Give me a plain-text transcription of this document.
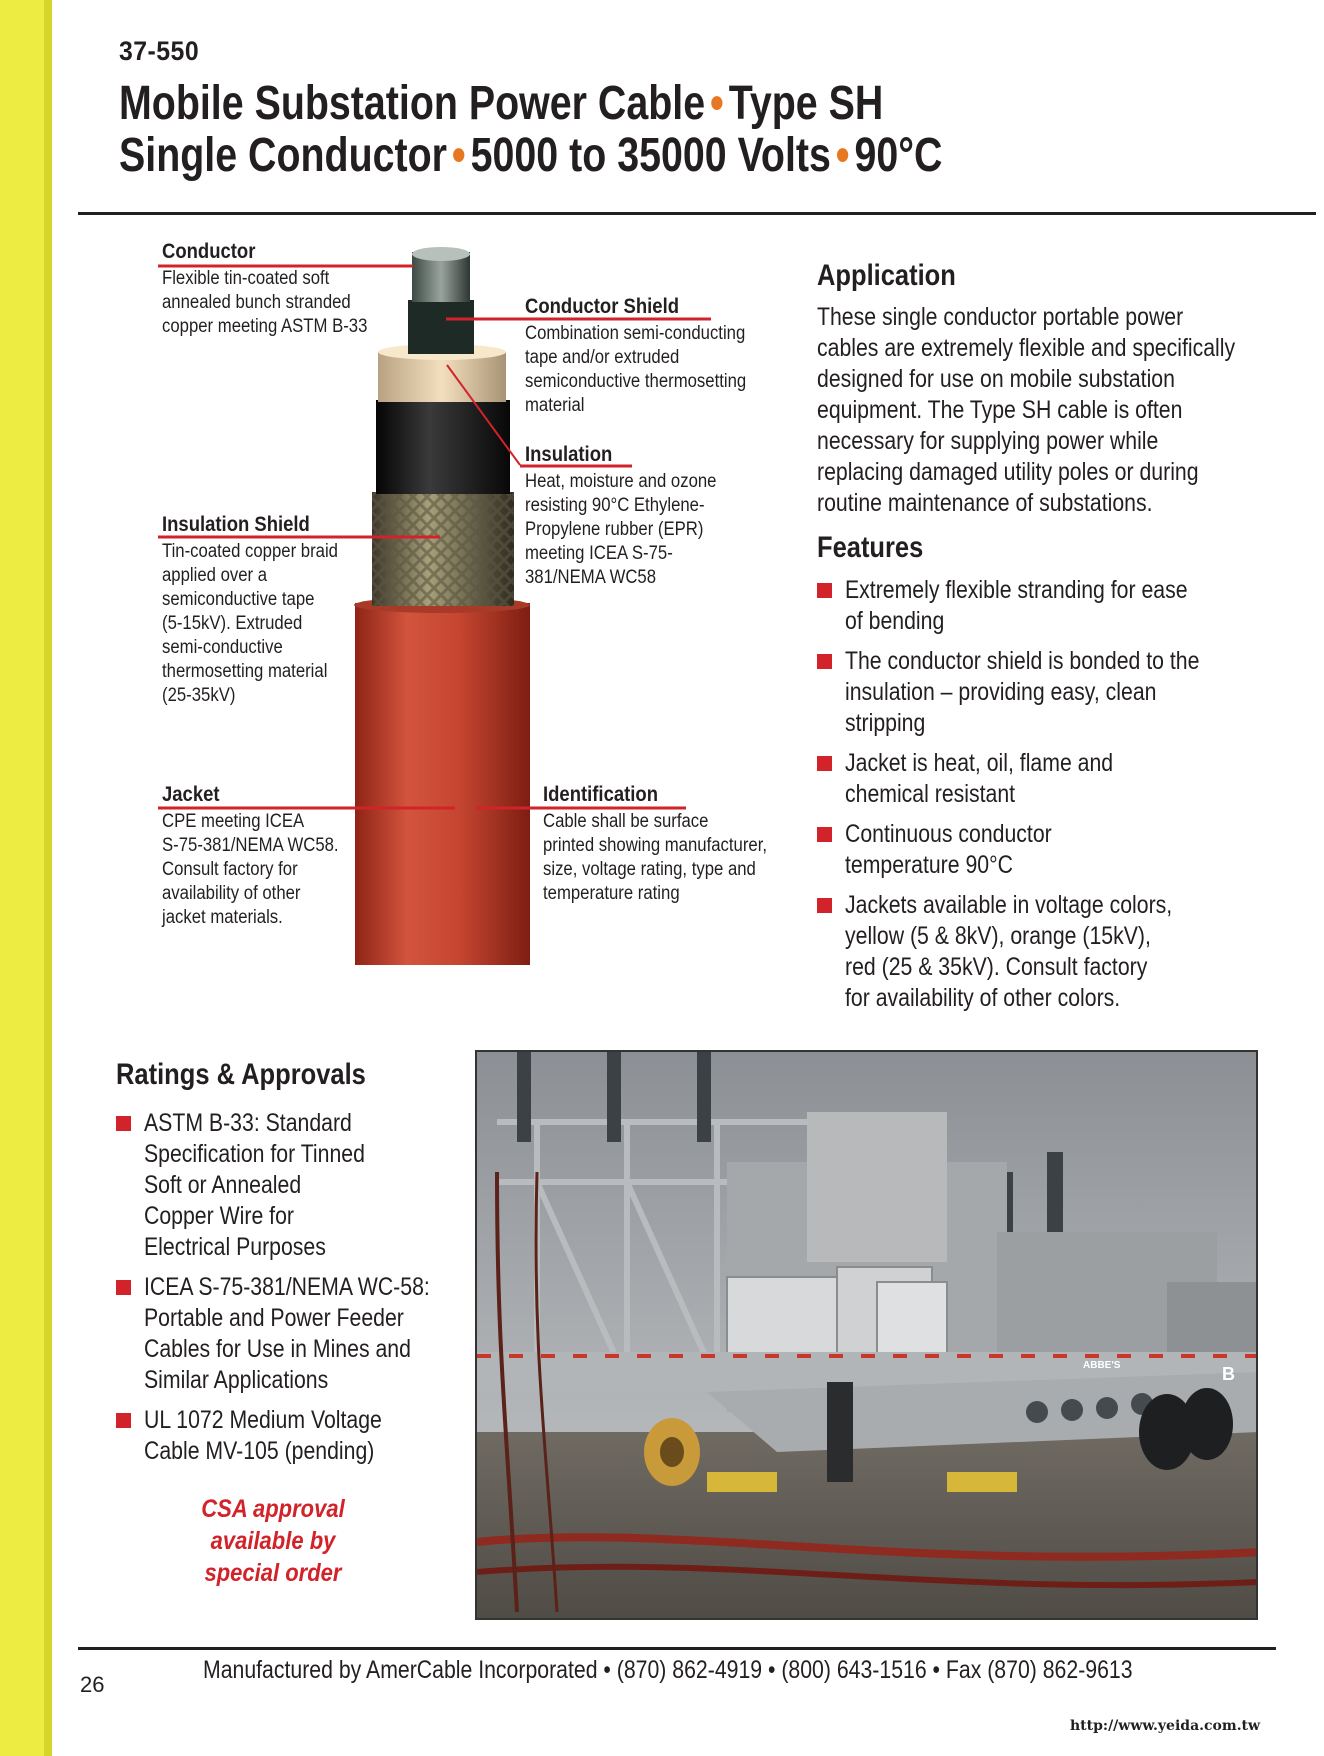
37-550
Mobile Substation Power Cable • Type SH
Single Conductor • 5000 to 35000 Volts • 90°C
Conductor
Flexible tin-coated soft
annealed bunch stranded
copper meeting ASTM B-33
Conductor Shield
Combination semi-conducting
tape and/or extruded
semiconductive thermosetting
material
Insulation
Heat, moisture and ozone
resisting 90°C Ethylene-
Propylene rubber (EPR)
meeting ICEA S-75-
381/NEMA WC58
Insulation Shield
Tin-coated copper braid
applied over a
semiconductive tape
(5-15kV). Extruded
semi-conductive
thermosetting material
(25-35kV)
Jacket
CPE meeting ICEA
S-75-381/NEMA WC58.
Consult factory for
availability of other
jacket materials.
Identification
Cable shall be surface
printed showing manufacturer,
size, voltage rating, type and
temperature rating
Application
These single conductor portable power
cables are extremely flexible and specifically
designed for use on mobile substation
equipment. The Type SH cable is often
necessary for supplying power while
replacing damaged utility poles or during
routine maintenance of substations.
Features
Extremely flexible stranding for ease
of bending
The conductor shield is bonded to the
insulation – providing easy, clean
stripping
Jacket is heat, oil, flame and
chemical resistant
Continuous conductor
temperature 90°C
Jackets available in voltage colors,
yellow (5 & 8kV), orange (15kV),
red (25 & 35kV). Consult factory
for availability of other colors.
Ratings & Approvals
ASTM B-33: Standard
Specification for Tinned
Soft or Annealed
Copper Wire for
Electrical Purposes
ICEA S-75-381/NEMA WC-58:
Portable and Power Feeder
Cables for Use in Mines and
Similar Applications
UL 1072 Medium Voltage
Cable MV-105 (pending)
CSA approval
available by
special order
ABBE'S	B
Manufactured by AmerCable Incorporated • (870) 862-4919 • (800) 643-1516 • Fax (870) 862-9613
26
http://www.yeida.com.tw
